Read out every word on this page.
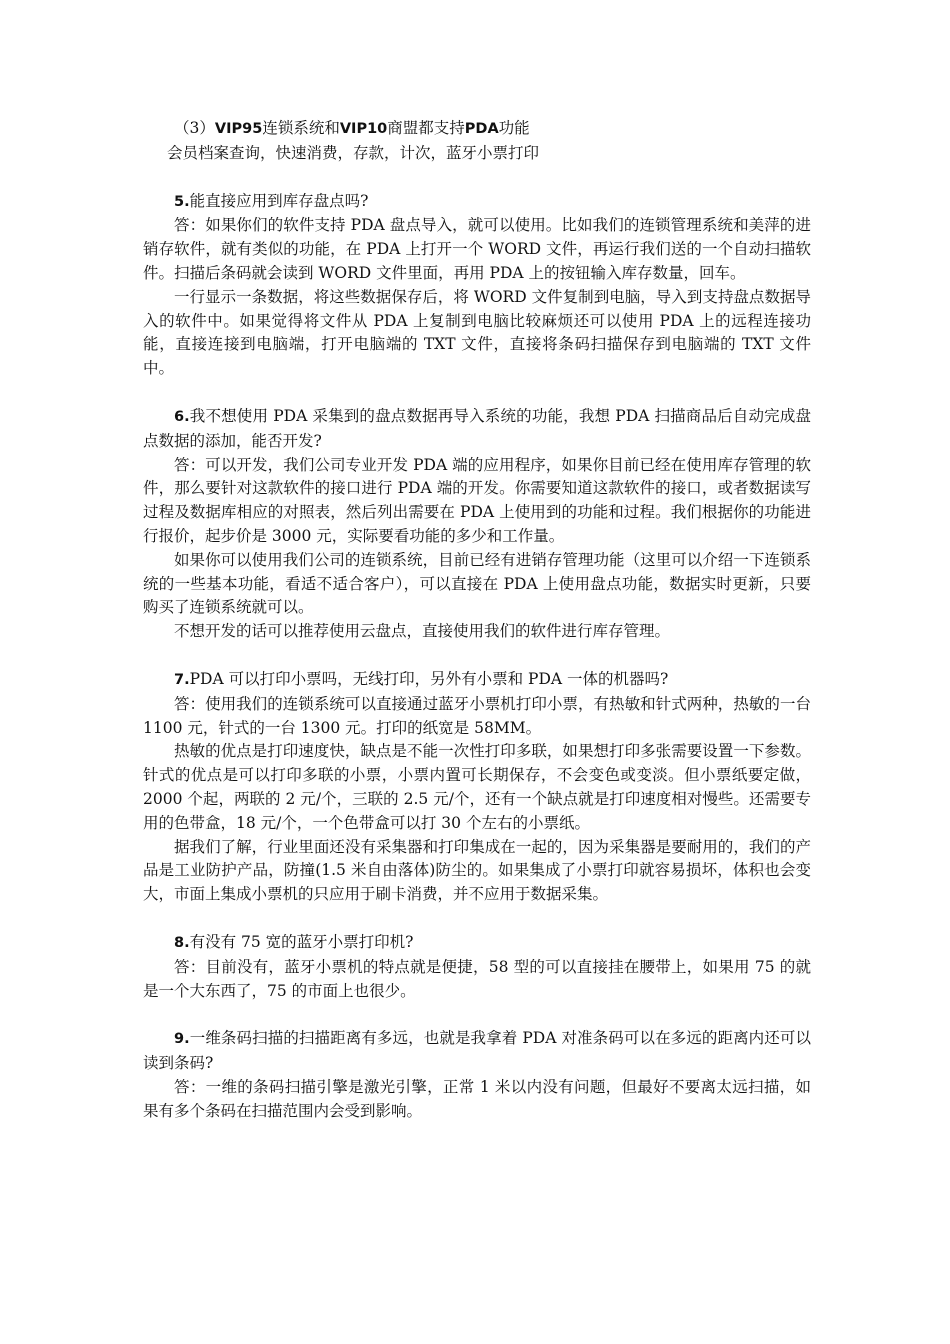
（3）VIP95连锁系统和VIP10商盟都支持PDA功能

会员档案查询，快速消费，存款，计次，蓝牙小票打印

5.能直接应用到库存盘点吗?

答：如果你们的软件支持 PDA 盘点导入，就可以使用。比如我们的连锁管理系统和美萍的进销存软件，就有类似的功能，在 PDA 上打开一个 WORD 文件，再运行我们送的一个自动扫描软件。扫描后条码就会读到 WORD 文件里面，再用 PDA 上的按钮输入库存数量，回车。

一行显示一条数据，将这些数据保存后，将 WORD 文件复制到电脑，导入到支持盘点数据导入的软件中。如果觉得将文件从 PDA 上复制到电脑比较麻烦还可以使用 PDA 上的远程连接功能，直接连接到电脑端，打开电脑端的 TXT 文件，直接将条码扫描保存到电脑端的 TXT 文件中。

6.我不想使用 PDA 采集到的盘点数据再导入系统的功能，我想 PDA 扫描商品后自动完成盘点数据的添加，能否开发?

答：可以开发，我们公司专业开发 PDA 端的应用程序，如果你目前已经在使用库存管理的软件，那么要针对这款软件的接口进行 PDA 端的开发。你需要知道这款软件的接口，或者数据读写过程及数据库相应的对照表，然后列出需要在 PDA 上使用到的功能和过程。我们根据你的功能进行报价，起步价是 3000 元，实际要看功能的多少和工作量。

如果你可以使用我们公司的连锁系统，目前已经有进销存管理功能（这里可以介绍一下连锁系统的一些基本功能，看适不适合客户），可以直接在 PDA 上使用盘点功能，数据实时更新，只要购买了连锁系统就可以。

不想开发的话可以推荐使用云盘点，直接使用我们的软件进行库存管理。

7.PDA 可以打印小票吗，无线打印，另外有小票和 PDA 一体的机器吗?

答：使用我们的连锁系统可以直接通过蓝牙小票机打印小票，有热敏和针式两种，热敏的一台 1100 元，针式的一台 1300 元。打印的纸宽是 58MM。

热敏的优点是打印速度快，缺点是不能一次性打印多联，如果想打印多张需要设置一下参数。针式的优点是可以打印多联的小票，小票内置可长期保存，不会变色或变淡。但小票纸要定做，2000 个起，两联的 2 元/个，三联的 2.5 元/个，还有一个缺点就是打印速度相对慢些。还需要专用的色带盒，18 元/个，一个色带盒可以打 30 个左右的小票纸。

据我们了解，行业里面还没有采集器和打印集成在一起的，因为采集器是要耐用的，我们的产品是工业防护产品，防撞(1.5 米自由落体)防尘的。如果集成了小票打印就容易损坏，体积也会变大，市面上集成小票机的只应用于刷卡消费，并不应用于数据采集。

8.有没有 75 宽的蓝牙小票打印机?

答：目前没有，蓝牙小票机的特点就是便捷，58 型的可以直接挂在腰带上，如果用 75 的就是一个大东西了，75 的市面上也很少。

9.一维条码扫描的扫描距离有多远，也就是我拿着 PDA 对准条码可以在多远的距离内还可以读到条码?

答：一维的条码扫描引擎是激光引擎，正常 1 米以内没有问题，但最好不要离太远扫描，如果有多个条码在扫描范围内会受到影响。
